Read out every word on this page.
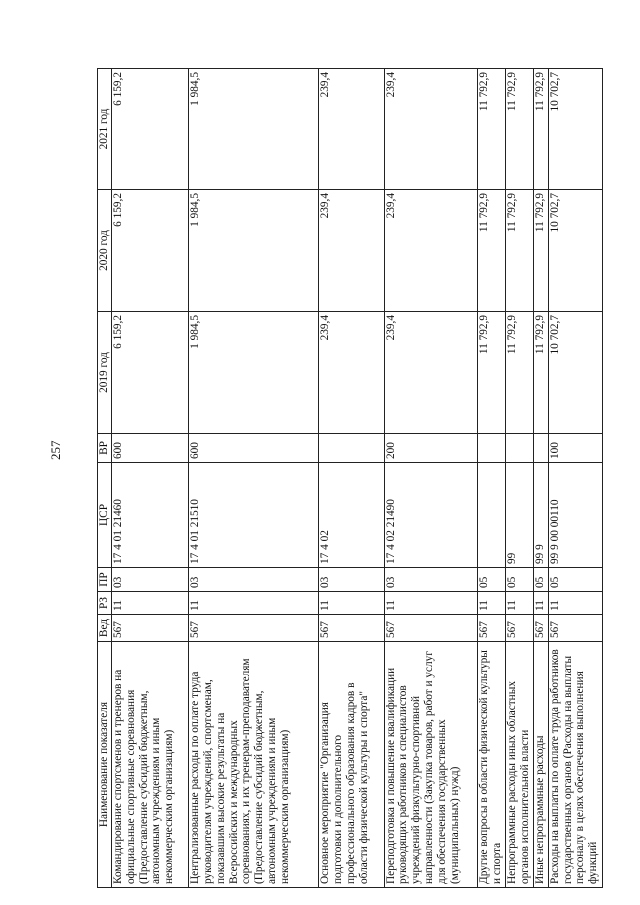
257
Наименование показателя	Вед	РЗ	ПР	ЦСР	ВР	2019 год	2020 год	2021 год
Командирование спортсменов и тренеров на официальные спортивные соревнования (Предоставление субсидий бюджетным, автономным учреждениям и иным некоммерческим организациям)	567	11	03	17 4 01 21460	600	6 159,2	6 159,2	6 159,2
Централизованные расходы по оплате труда руководителям учреждений, спортсменам, показавшим высокие результаты на Всероссийских и международных соревнованиях, и их тренерам-преподавателям (Предоставление субсидий бюджетным, автономным учреждениям и иным некоммерческим организациям)	567	11	03	17 4 01 21510	600	1 984,5	1 984,5	1 984,5
Основное мероприятие "Организация подготовки и дополнительного профессионального образования кадров в области физической культуры и спорта"	567	11	03	17 4 02		239,4	239,4	239,4
Переподготовка и повышение квалификации руководящих работников и специалистов учреждений физкультурно-спортивной направленности (Закупка товаров, работ и услуг для обеспечения государственных (муниципальных) нужд)	567	11	03	17 4 02 21490	200	239,4	239,4	239,4
Другие вопросы в области физической культуры и спорта	567	11	05			11 792,9	11 792,9	11 792,9
Непрограммные расходы иных областных органов исполнительной власти	567	11	05	99		11 792,9	11 792,9	11 792,9
Иные непрограммные расходы	567	11	05	99 9		11 792,9	11 792,9	11 792,9
Расходы на выплаты по оплате труда работников государственных органов (Расходы на выплаты персоналу в целях обеспечения выполнения функций	567	11	05	99 9 00 00110	100	10 702,7	10 702,7	10 702,7
